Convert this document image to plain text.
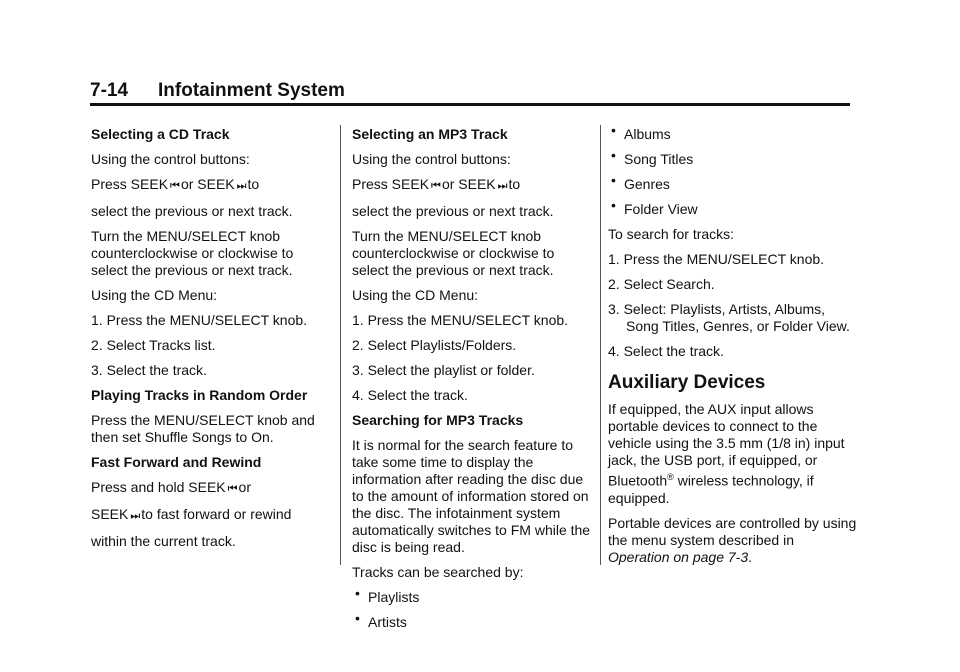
7-14 Infotainment System
Selecting a CD Track
Using the control buttons:
Press SEEK ⏮ or SEEK ⏭ to
select the previous or next track.
Turn the MENU/SELECT knob counterclockwise or clockwise to select the previous or next track.
Using the CD Menu:
1. Press the MENU/SELECT knob.
2. Select Tracks list.
3. Select the track.
Playing Tracks in Random Order
Press the MENU/SELECT knob and then set Shuffle Songs to On.
Fast Forward and Rewind
Press and hold SEEK ⏮ or
SEEK ⏭ to fast forward or rewind
within the current track.
Selecting an MP3 Track
Using the control buttons:
Press SEEK ⏮ or SEEK ⏭ to
select the previous or next track.
Turn the MENU/SELECT knob counterclockwise or clockwise to select the previous or next track.
Using the CD Menu:
1. Press the MENU/SELECT knob.
2. Select Playlists/Folders.
3. Select the playlist or folder.
4. Select the track.
Searching for MP3 Tracks
It is normal for the search feature to take some time to display the information after reading the disc due to the amount of information stored on the disc. The infotainment system automatically switches to FM while the disc is being read.
Tracks can be searched by:
• Playlists
• Artists
• Albums
• Song Titles
• Genres
• Folder View
To search for tracks:
1. Press the MENU/SELECT knob.
2. Select Search.
3. Select: Playlists, Artists, Albums, Song Titles, Genres, or Folder View.
4. Select the track.
Auxiliary Devices
If equipped, the AUX input allows portable devices to connect to the vehicle using the 3.5 mm (1/8 in) input jack, the USB port, if equipped, or Bluetooth® wireless technology, if equipped.
Portable devices are controlled by using the menu system described in Operation on page 7-3.
